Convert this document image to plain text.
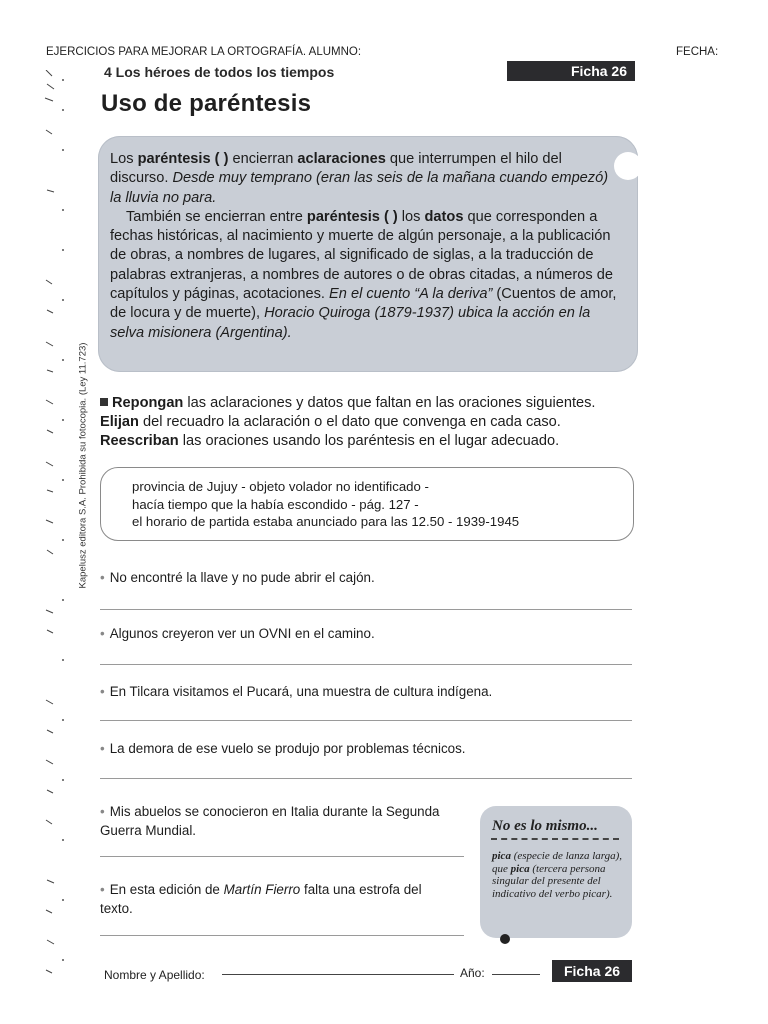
EJERCICIOS PARA MEJORAR LA ORTOGRAFÍA. ALUMNO:	FECHA:
Kapelusz editora S.A. Prohibida su fotocopia. (Ley 11.723)
4 Los héroes de todos los tiempos	Ficha 26
Uso de paréntesis

Los paréntesis ( ) encierran aclaraciones que interrumpen el hilo del discurso. Desde muy temprano (eran las seis de la mañana cuando empezó) la lluvia no para.

También se encierran entre paréntesis ( ) los datos que corresponden a fechas históricas, al nacimiento y muerte de algún personaje, a la publicación de obras, a nombres de lugares, al significado de siglas, a la traducción de palabras extranjeras, a nombres de autores o de obras citadas, a números de capítulos y páginas, acotaciones. En el cuento “A la deriva” (Cuentos de amor, de locura y de muerte), Horacio Quiroga (1879-1937) ubica la acción en la selva misionera (Argentina).

Repongan las aclaraciones y datos que faltan en las oraciones siguientes.

Elijan del recuadro la aclaración o el dato que convenga en cada caso.

Reescriban las oraciones usando los paréntesis en el lugar adecuado.

provincia de Jujuy - objeto volador no identificado -
hacía tiempo que la había escondido - pág. 127 -
el horario de partida estaba anunciado para las 12.50 - 1939-1945
• No encontré la llave y no pude abrir el cajón.
• Algunos creyeron ver un OVNI en el camino.
• En Tilcara visitamos el Pucará, una muestra de cultura indígena.
• La demora de ese vuelo se produjo por problemas técnicos.
• Mis abuelos se conocieron en Italia durante la Segunda
Guerra Mundial.
• En esta edición de Martín Fierro falta una estrofa del
texto.
No es lo mismo...
pica (especie de lanza larga), que pica (tercera persona singular del presente del indicativo del verbo picar).
Nombre y Apellido:	Año:	Ficha 26
